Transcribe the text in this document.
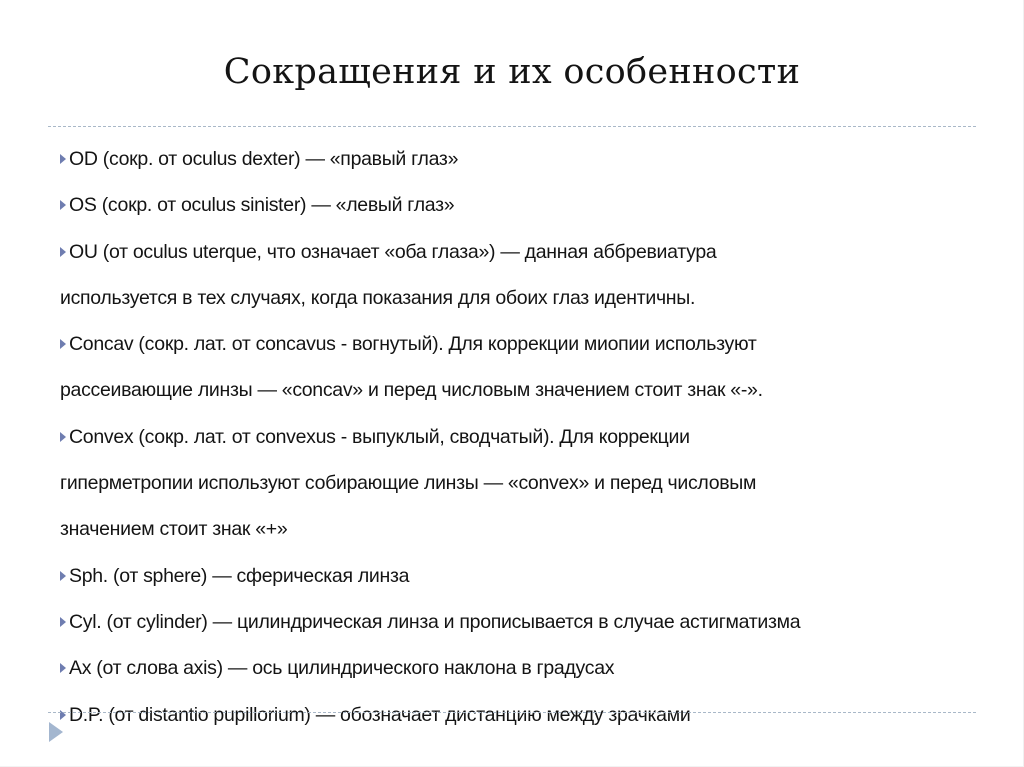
Сокращения и их особенности
OD (сокр. от oculus dexter) — «правый глаз»
OS (сокр. от oculus sinister) — «левый глаз»
OU (от oculus uterque, что означает «оба глаза») — данная аббревиатура
используется в тех случаях, когда показания для обоих глаз идентичны.
Concav (сокр. лат. от concavus - вогнутый). Для коррекции миопии используют
рассеивающие линзы — «concav» и перед числовым значением стоит знак «-».
Convex (сокр. лат. от convexus - выпуклый, сводчатый). Для коррекции
гиперметропии используют собирающие линзы — «convex» и перед числовым
значением стоит знак «+»
Sph. (от sphere) — сферическая линза
Cyl. (от cylinder) — цилиндрическая линза и прописывается в случае астигматизма
Ax (от слова axis) — ось цилиндрического наклона в градусах
D.P. (от distantio pupillorium) — обозначает дистанцию между зрачками
